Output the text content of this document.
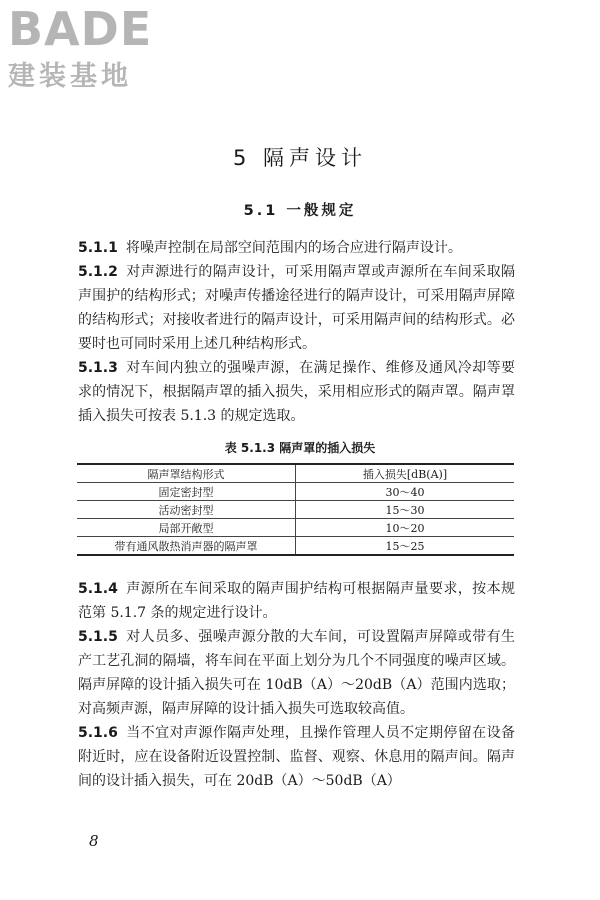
BADE
建装基地
5 隔声设计
5.1 一般规定

5.1.1 将噪声控制在局部空间范围内的场合应进行隔声设计。

5.1.2 对声源进行的隔声设计，可采用隔声罩或声源所在车间采取隔声围护的结构形式；对噪声传播途径进行的隔声设计，可采用隔声屏障的结构形式；对接收者进行的隔声设计，可采用隔声间的结构形式。必要时也可同时采用上述几种结构形式。

5.1.3 对车间内独立的强噪声源，在满足操作、维修及通风冷却等要求的情况下，根据隔声罩的插入损失，采用相应形式的隔声罩。隔声罩插入损失可按表 5.1.3 的规定选取。

表 5.1.3 隔声罩的插入损失
隔声罩结构形式	插入损失[dB(A)]
固定密封型	30～40
活动密封型	15～30
局部开敞型	10～20
带有通风散热消声器的隔声罩	15～25

5.1.4 声源所在车间采取的隔声围护结构可根据隔声量要求，按本规范第 5.1.7 条的规定进行设计。

5.1.5 对人员多、强噪声源分散的大车间，可设置隔声屏障或带有生产工艺孔洞的隔墙，将车间在平面上划分为几个不同强度的噪声区域。隔声屏障的设计插入损失可在 10dB（A）～20dB（A）范围内选取；对高频声源，隔声屏障的设计插入损失可选取较高值。

5.1.6 当不宜对声源作隔声处理，且操作管理人员不定期停留在设备附近时，应在设备附近设置控制、监督、观察、休息用的隔声间。隔声间的设计插入损失，可在 20dB（A）～50dB（A）

8
